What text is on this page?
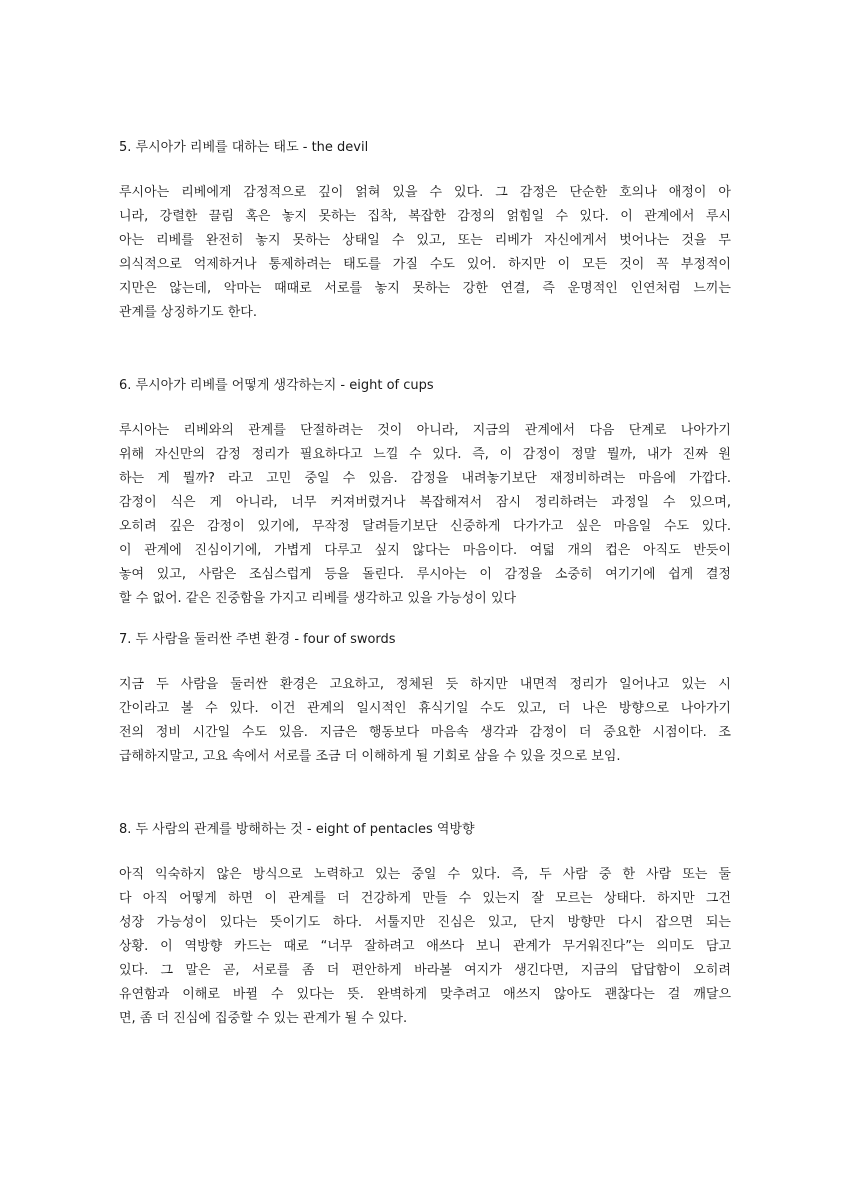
5. 루시아가 리베를 대하는 태도 - the devil
루시아는 리베에게 감정적으로 깊이 얽혀 있을 수 있다. 그 감정은 단순한 호의나 애정이 아
니라, 강렬한 끌림 혹은 놓지 못하는 집착, 복잡한 감정의 얽힘일 수 있다. 이 관계에서 루시
아는 리베를 완전히 놓지 못하는 상태일 수 있고, 또는 리베가 자신에게서 벗어나는 것을 무
의식적으로 억제하거나 통제하려는 태도를 가질 수도 있어. 하지만 이 모든 것이 꼭 부정적이
지만은 않는데, 악마는 때때로 서로를 놓지 못하는 강한 연결, 즉 운명적인 인연처럼 느끼는
관계를 상징하기도 한다.
6. 루시아가 리베를 어떻게 생각하는지 - eight of cups
루시아는 리베와의 관계를 단절하려는 것이 아니라, 지금의 관계에서 다음 단계로 나아가기
위해 자신만의 감정 정리가 필요하다고 느낄 수 있다. 즉, 이 감정이 정말 뭘까, 내가 진짜 원
하는 게 뭘까? 라고 고민 중일 수 있음. 감정을 내려놓기보단 재정비하려는 마음에 가깝다.
감정이 식은 게 아니라, 너무 커져버렸거나 복잡해져서 잠시 정리하려는 과정일 수 있으며,
오히려 깊은 감정이 있기에, 무작정 달려들기보단 신중하게 다가가고 싶은 마음일 수도 있다.
이 관계에 진심이기에, 가볍게 다루고 싶지 않다는 마음이다. 여덟 개의 컵은 아직도 반듯이
놓여 있고, 사람은 조심스럽게 등을 돌린다. 루시아는 이 감정을 소중히 여기기에 쉽게 결정
할 수 없어. 같은 진중함을 가지고 리베를 생각하고 있을 가능성이 있다
7. 두 사람을 둘러싼 주변 환경 - four of swords
지금 두 사람을 둘러싼 환경은 고요하고, 정체된 듯 하지만 내면적 정리가 일어나고 있는 시
간이라고 볼 수 있다. 이건 관계의 일시적인 휴식기일 수도 있고, 더 나은 방향으로 나아가기
전의 정비 시간일 수도 있음. 지금은 행동보다 마음속 생각과 감정이 더 중요한 시점이다. 조
급해하지말고, 고요 속에서 서로를 조금 더 이해하게 될 기회로 삼을 수 있을 것으로 보임.
8. 두 사람의 관계를 방해하는 것 - eight of pentacles 역방향
아직 익숙하지 않은 방식으로 노력하고 있는 중일 수 있다. 즉, 두 사람 중 한 사람 또는 둘
다 아직 어떻게 하면 이 관계를 더 건강하게 만들 수 있는지 잘 모르는 상태다. 하지만 그건
성장 가능성이 있다는 뜻이기도 하다. 서툴지만 진심은 있고, 단지 방향만 다시 잡으면 되는
상황. 이 역방향 카드는 때로 “너무 잘하려고 애쓰다 보니 관계가 무거워진다”는 의미도 담고
있다. 그 말은 곧, 서로를 좀 더 편안하게 바라볼 여지가 생긴다면, 지금의 답답함이 오히려
유연함과 이해로 바뀔 수 있다는 뜻. 완벽하게 맞추려고 애쓰지 않아도 괜찮다는 걸 깨달으
면, 좀 더 진심에 집중할 수 있는 관계가 될 수 있다.
